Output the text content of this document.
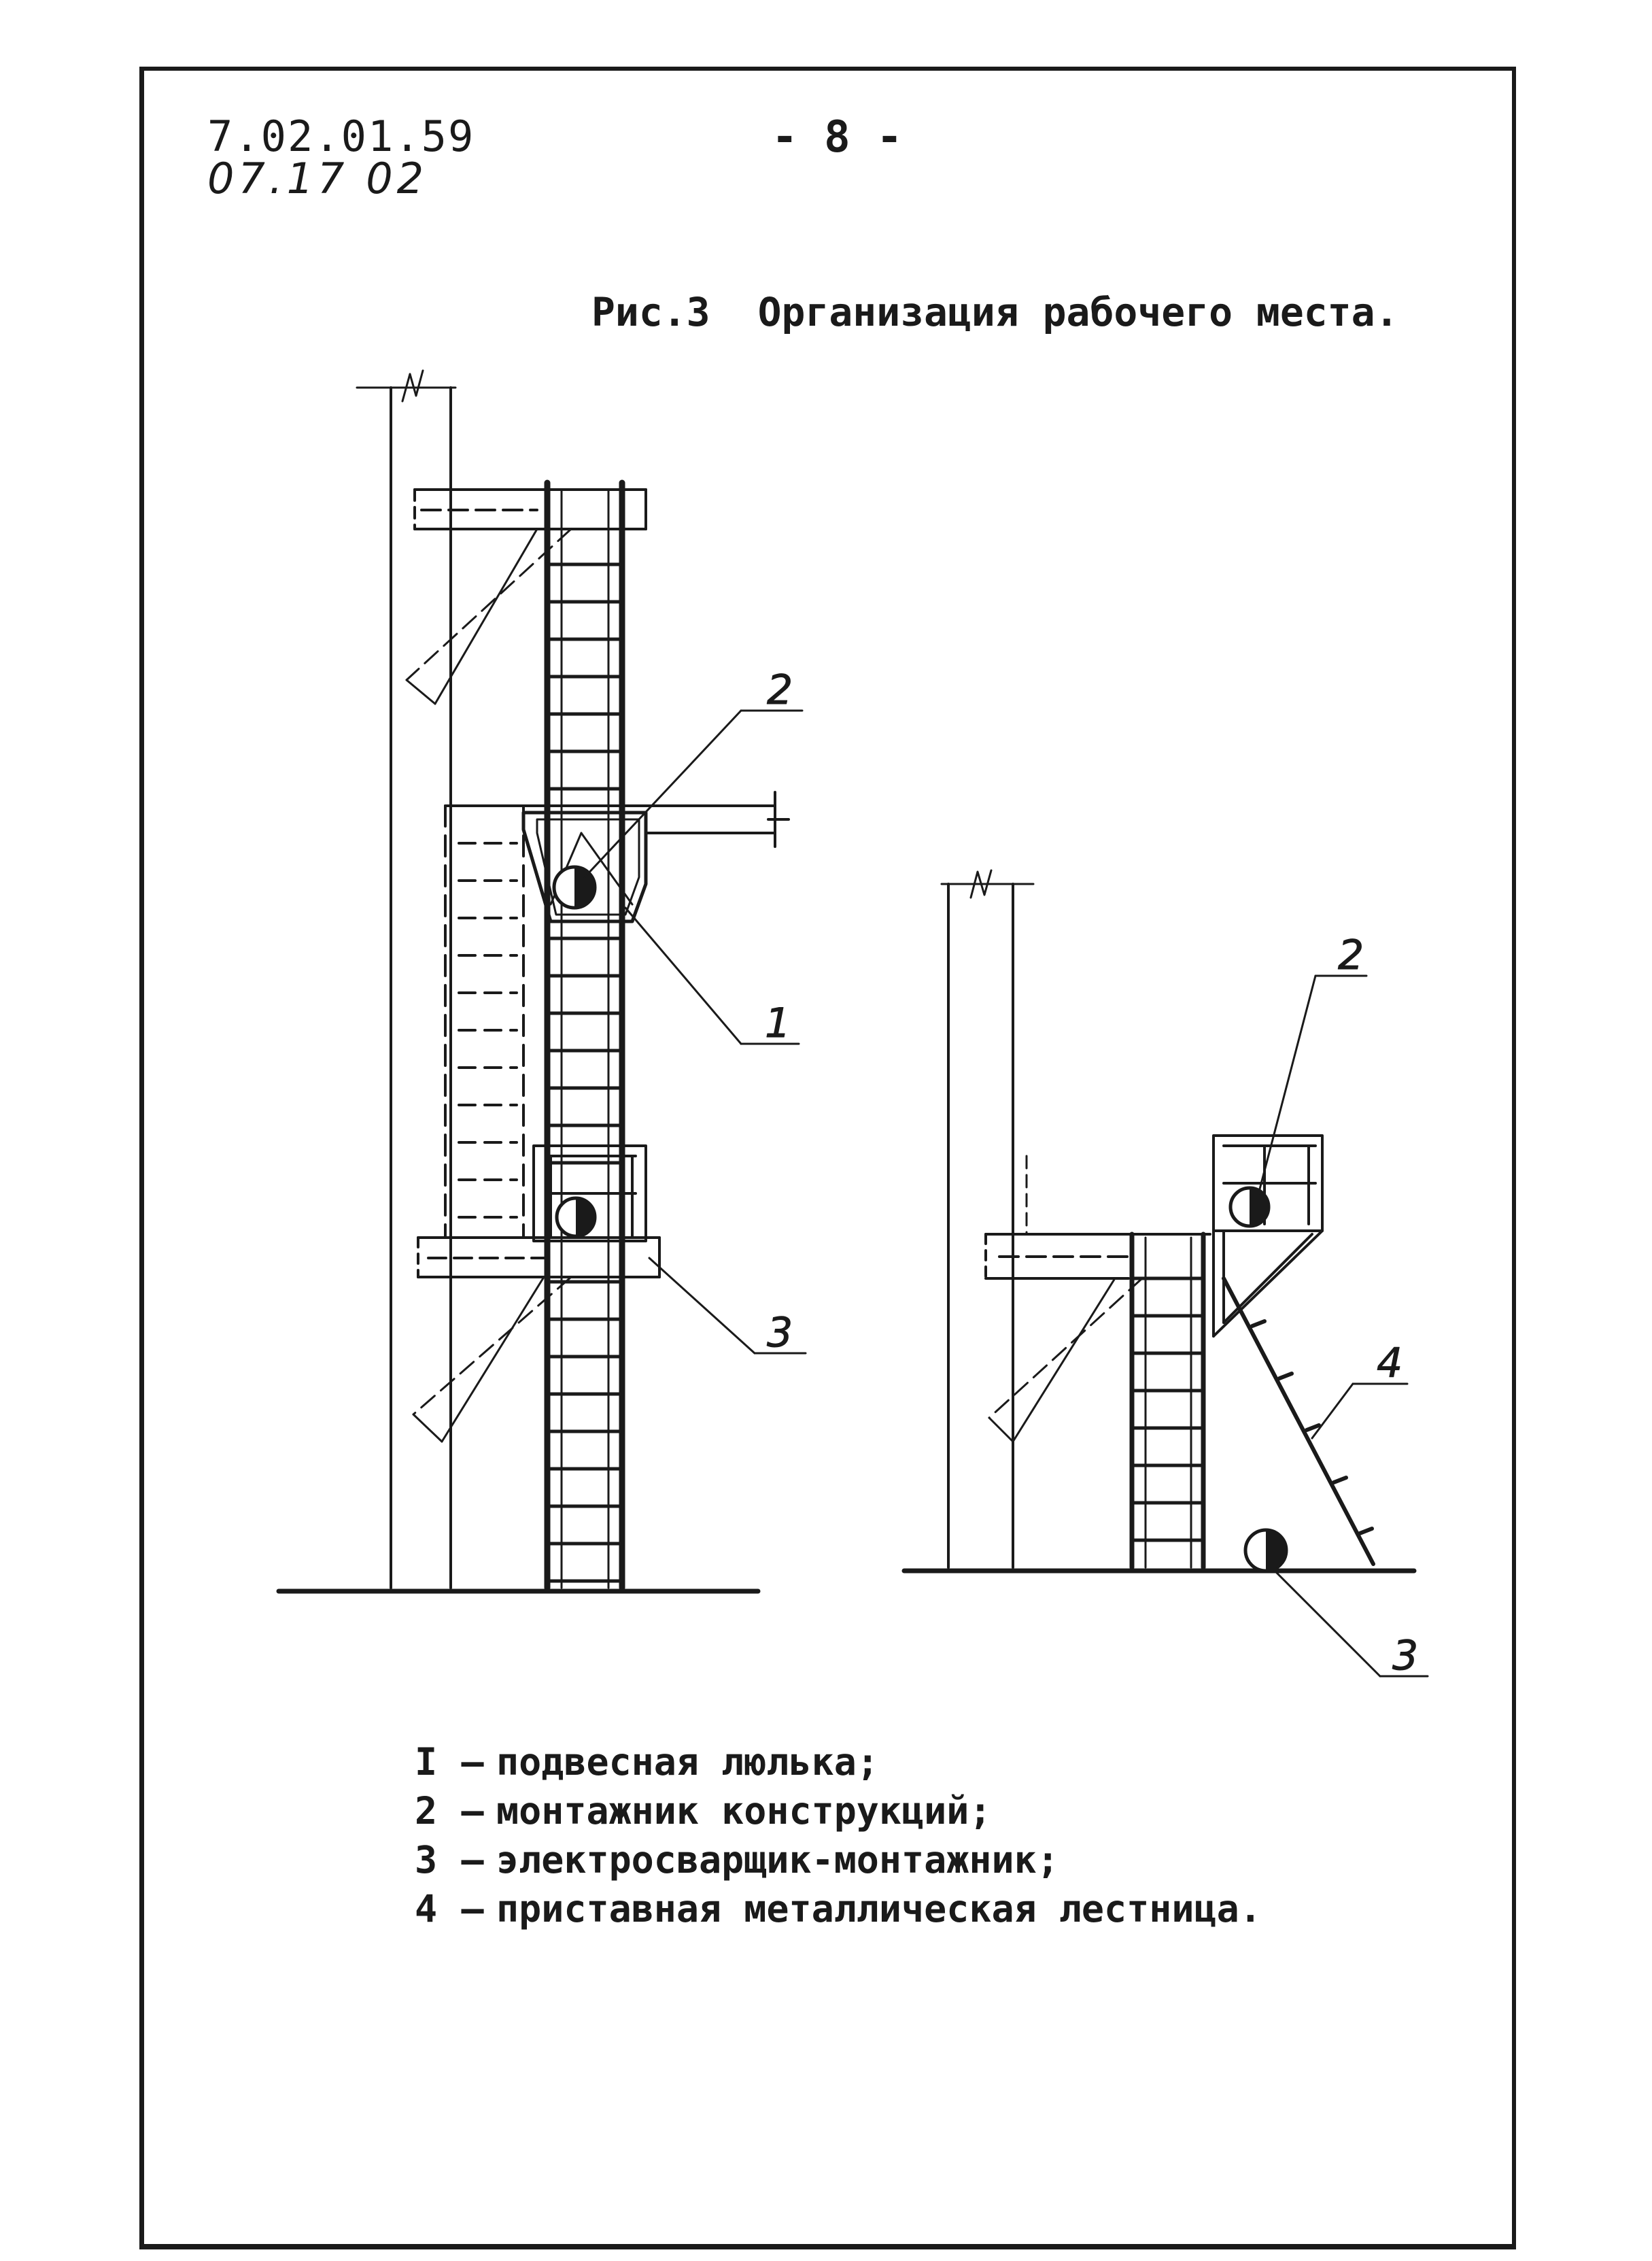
7.02.01.59
07.17 02
- 8 -
Рис.3 Организация рабочего места.
2
1
3
2
4
3
I – подвесная люлька;
2 – монтажник конструкций;
3 – электросварщик-монтажник;
4 – приставная металлическая лестница.
